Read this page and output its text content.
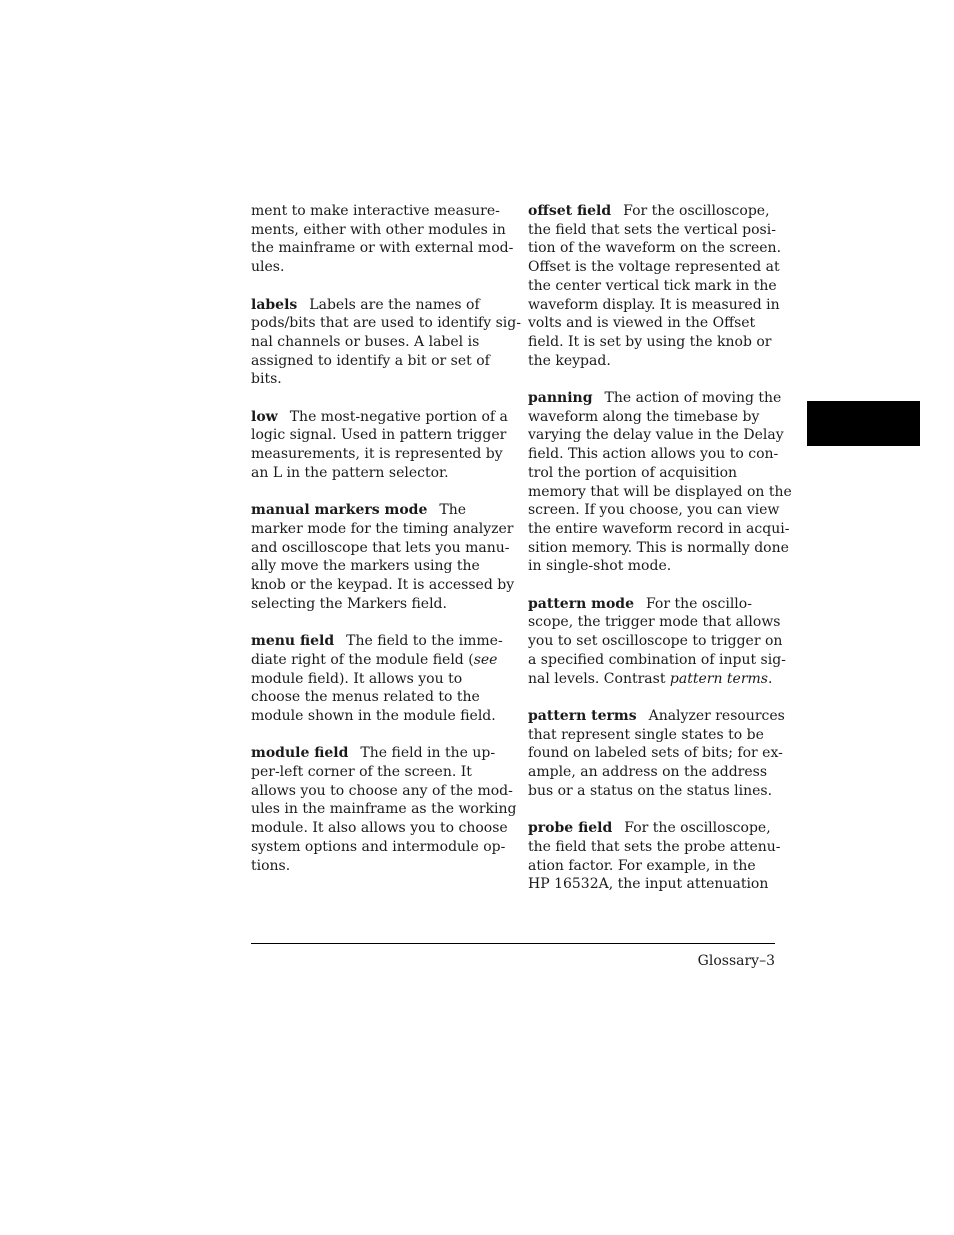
ment to make interactive measure-
ments, either with other modules in
the mainframe or with external mod-
ules.
labels Labels are the names of
pods/bits that are used to identify sig-
nal channels or buses. A label is
assigned to identify a bit or set of
bits.
low The most-negative portion of a
logic signal. Used in pattern trigger
measurements, it is represented by
an L in the pattern selector.
manual markers mode The
marker mode for the timing analyzer
and oscilloscope that lets you manu-
ally move the markers using the
knob or the keypad. It is accessed by
selecting the Markers field.
menu field The field to the imme-
diate right of the module field (see
module field). It allows you to
choose the menus related to the
module shown in the module field.
module field The field in the up-
per-left corner of the screen. It
allows you to choose any of the mod-
ules in the mainframe as the working
module. It also allows you to choose
system options and intermodule op-
tions.
offset field For the oscilloscope,
the field that sets the vertical posi-
tion of the waveform on the screen.
Offset is the voltage represented at
the center vertical tick mark in the
waveform display. It is measured in
volts and is viewed in the Offset
field. It is set by using the knob or
the keypad.
panning The action of moving the
waveform along the timebase by
varying the delay value in the Delay
field. This action allows you to con-
trol the portion of acquisition
memory that will be displayed on the
screen. If you choose, you can view
the entire waveform record in acqui-
sition memory. This is normally done
in single-shot mode.
pattern mode For the oscillo-
scope, the trigger mode that allows
you to set oscilloscope to trigger on
a specified combination of input sig-
nal levels. Contrast pattern terms.
pattern terms Analyzer resources
that represent single states to be
found on labeled sets of bits; for ex-
ample, an address on the address
bus or a status on the status lines.
probe field For the oscilloscope,
the field that sets the probe attenu-
ation factor. For example, in the
HP 16532A, the input attenuation
Glossary–3
